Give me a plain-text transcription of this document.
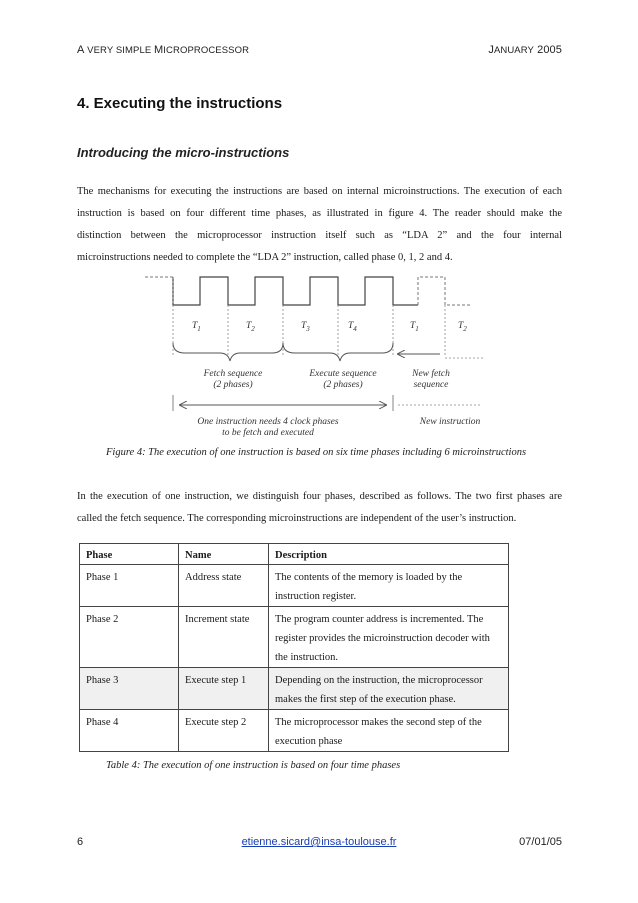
A VERY SIMPLE MICROPROCESSOR	JANUARY 2005
4. Executing the instructions
Introducing the micro-instructions
The mechanisms for executing the instructions are based on internal microinstructions. The execution of each
instruction is based on four different time phases, as illustrated in figure 4. The reader should make the
distinction between the microprocessor instruction itself such as “LDA 2” and the four internal
microinstructions needed to complete the “LDA 2” instruction, called phase 0, 1, 2 and 4.
$T_1$	$T_2$	$T_3$	$T_4$	$T_1$	$T_2$
Fetch sequence
(2 phases)
Execute sequence
(2 phases)
New fetch
sequence
One instruction needs 4 clock phases
to be fetch and executed
New instruction
Figure 4: The execution of one instruction is based on six time phases including 6 microinstructions
In the execution of one instruction, we distinguish four phases, described as follows. The two first phases are
called the fetch sequence. The corresponding microinstructions are independent of the user’s instruction.
Phase	Name	Description
Phase 1	Address state	The contents of the memory is loaded by the instruction register.
Phase 2	Increment state	The program counter address is incremented. The register provides the microinstruction decoder with the instruction.
Phase 3	Execute step 1	Depending on the instruction, the microprocessor makes the first step of the execution phase.
Phase 4	Execute step 2	The microprocessor makes the second step of the execution phase
Table 4: The execution of one instruction is based on four time phases
6	etienne.sicard@insa-toulouse.fr	07/01/05
